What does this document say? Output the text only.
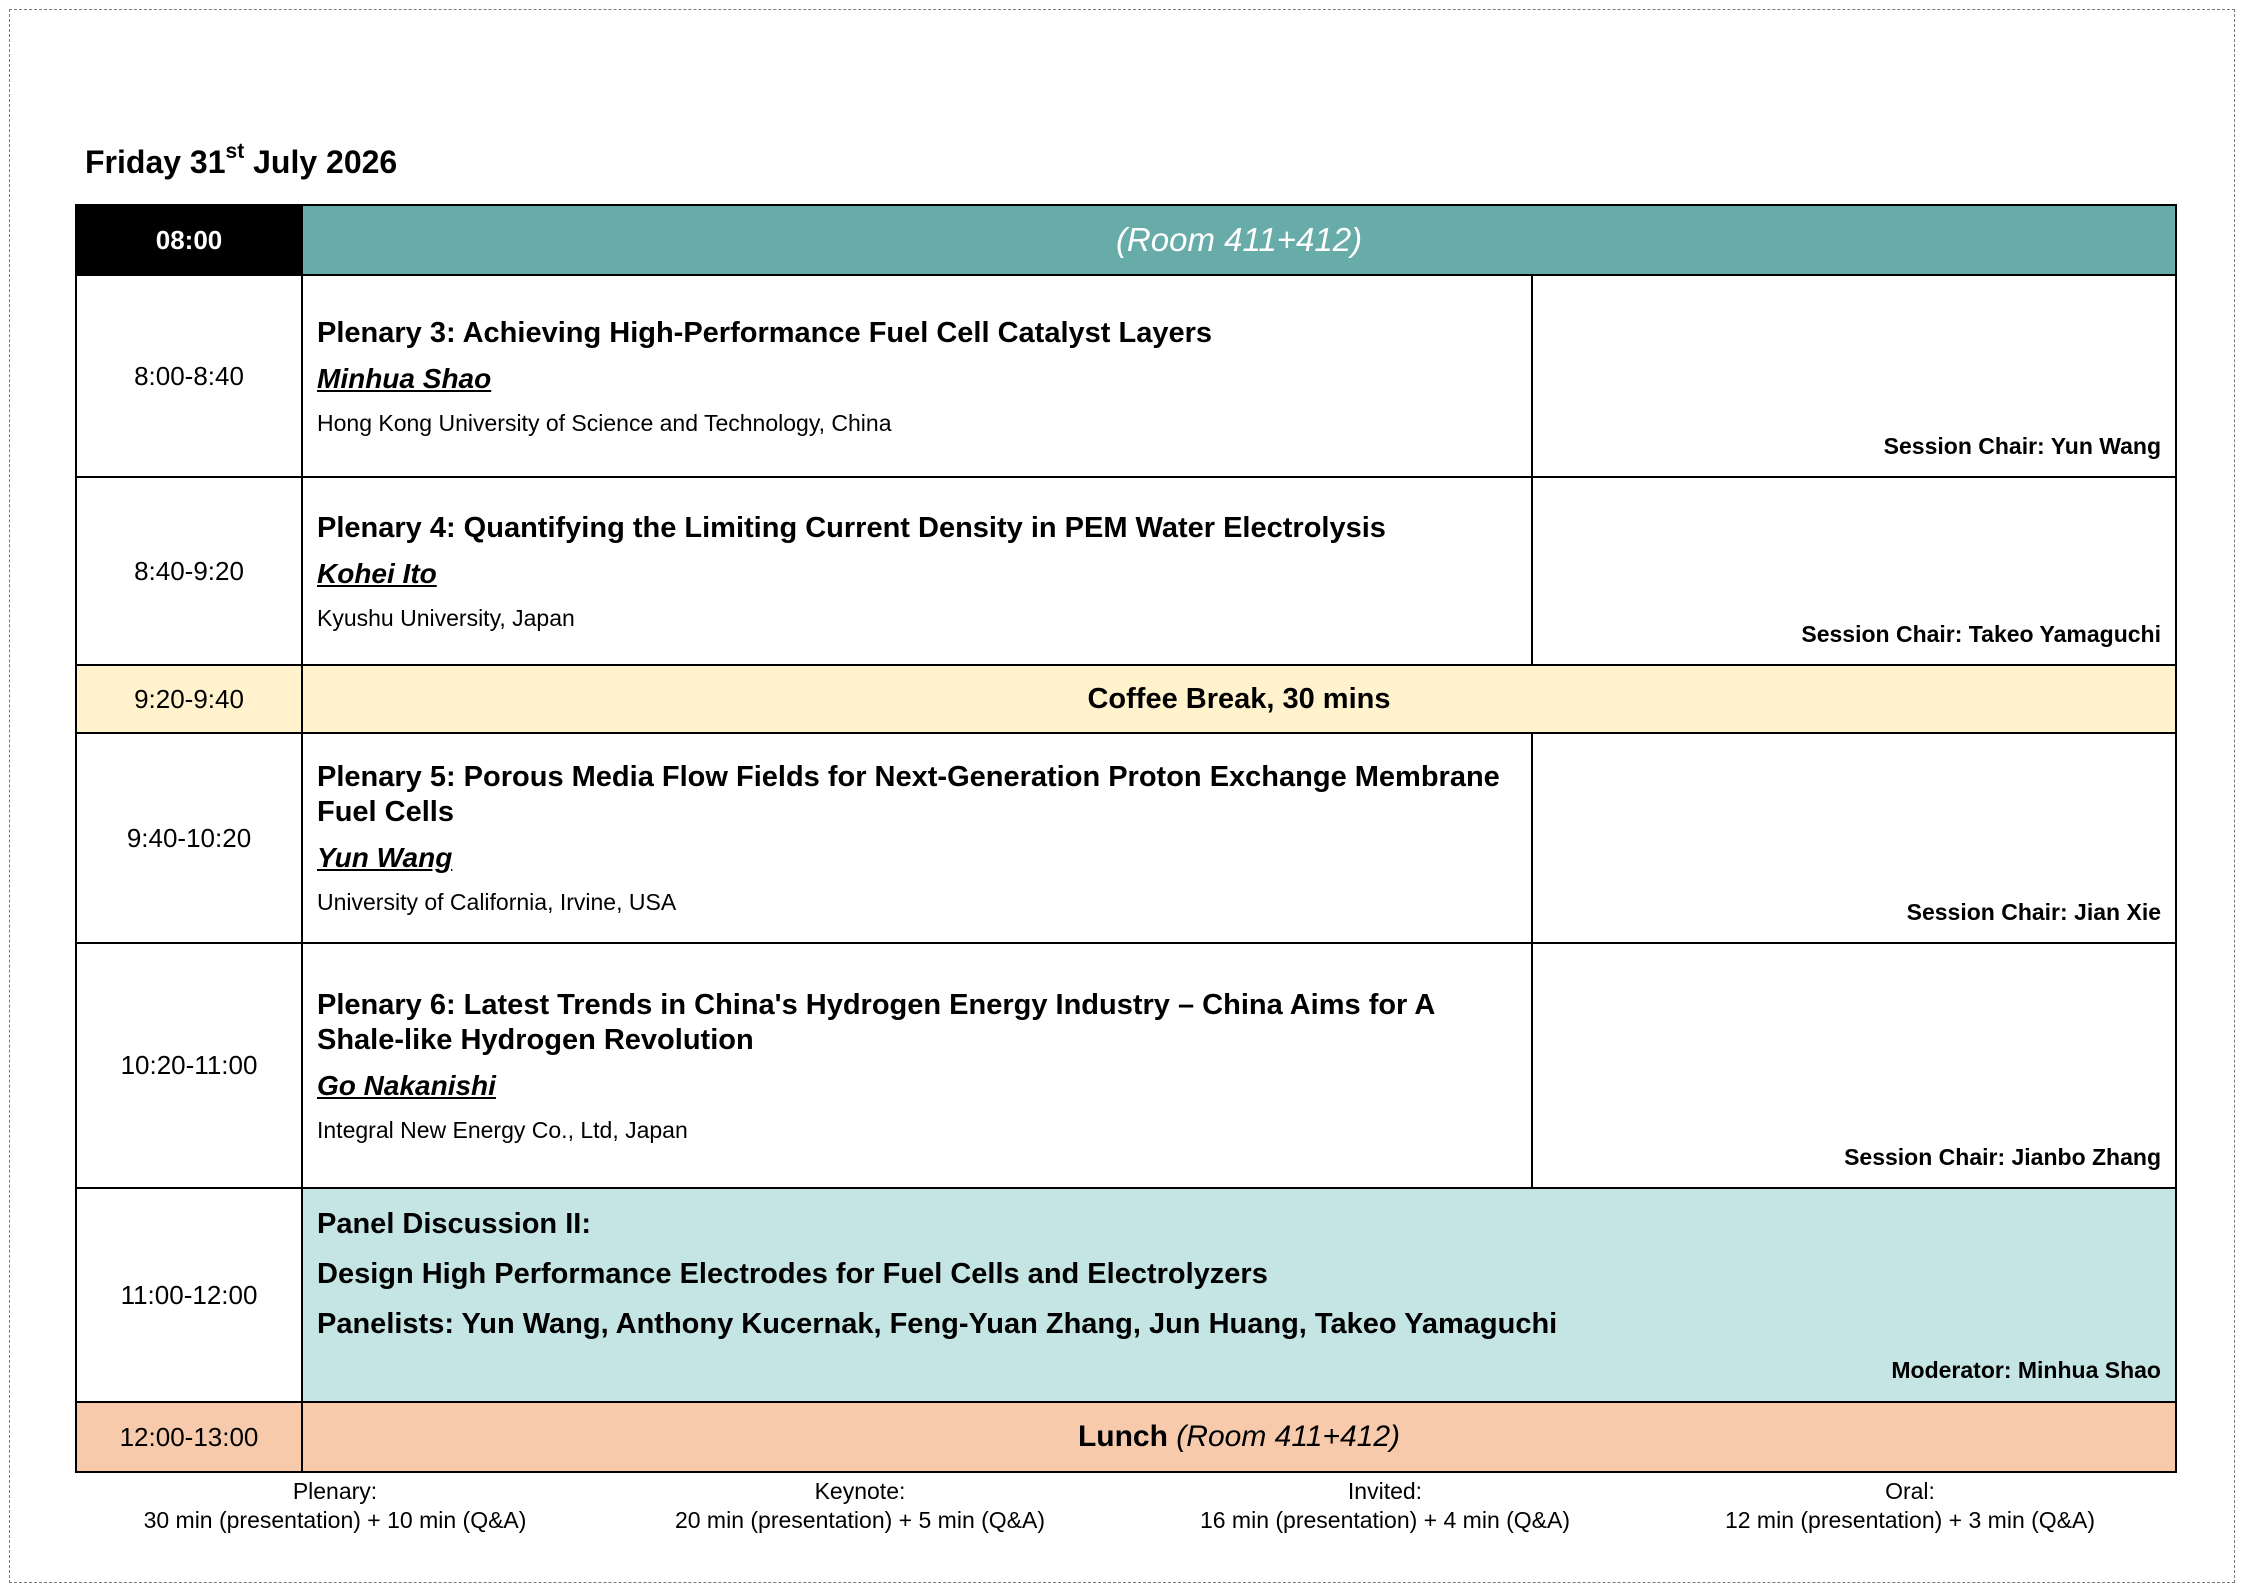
Friday 31st July 2026
08:00	(Room 411+412)	
8:00-8:40	Plenary 3: Achieving High-Performance Fuel Cell Catalyst Layers
Minhua Shao
Hong Kong University of Science and Technology, China	Session Chair: Yun Wang
8:40-9:20	Plenary 4: Quantifying the Limiting Current Density in PEM Water Electrolysis
Kohei Ito
Kyushu University, Japan	Session Chair: Takeo Yamaguchi
9:20-9:40	Coffee Break, 30 mins	
9:40-10:20	Plenary 5: Porous Media Flow Fields for Next-Generation Proton Exchange Membrane Fuel Cells
Yun Wang
University of California, Irvine, USA	Session Chair: Jian Xie
10:20-11:00	Plenary 6: Latest Trends in China's Hydrogen Energy Industry – China Aims for A Shale-like Hydrogen Revolution
Go Nakanishi
Integral New Energy Co., Ltd, Japan	Session Chair: Jianbo Zhang
11:00-12:00	Panel Discussion II:
Design High Performance Electrodes for Fuel Cells and Electrolyzers
Panelists: Yun Wang, Anthony Kucernak, Feng-Yuan Zhang, Jun Huang, Takeo Yamaguchi
Moderator: Minhua Shao	

12:00-13:00	Lunch (Room 411+412)	
Plenary:
30 min (presentation) + 10 min (Q&A)
Keynote:
20 min (presentation) + 5 min (Q&A)
Invited:
16 min (presentation) + 4 min (Q&A)
Oral:
12 min (presentation) + 3 min (Q&A)
